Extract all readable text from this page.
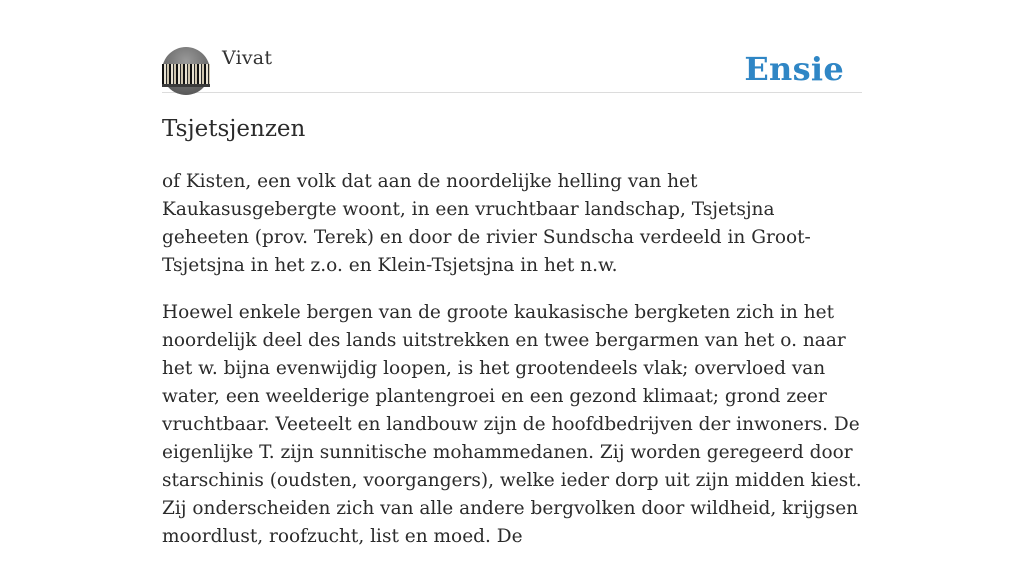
Vivat	Ensie
Tsjetsjenzen

of Kisten, een volk dat aan de noordelijke helling van het Kaukasusgebergte woont, in een vruchtbaar landschap, Tsjetsjna geheeten (prov. Terek) en door de rivier Sundscha verdeeld in Groot-Tsjetsjna in het z.o. en Klein-Tsjetsjna in het n.w.

Hoewel enkele bergen van de groote kaukasische bergketen zich in het noordelijk deel des lands uitstrekken en twee bergarmen van het o. naar het w. bijna evenwijdig loopen, is het grootendeels vlak; overvloed van water, een weelderige plantengroei en een gezond klimaat; grond zeer vruchtbaar. Veeteelt en landbouw zijn de hoofdbedrijven der inwoners. De eigenlijke T. zijn sunnitische mohammedanen. Zij worden geregeerd door starschinis (oudsten, voorgangers), welke ieder dorp uit zijn midden kiest. Zij onderscheiden zich van alle andere bergvolken door wildheid, krijgsen moordlust, roofzucht, list en moed. De
